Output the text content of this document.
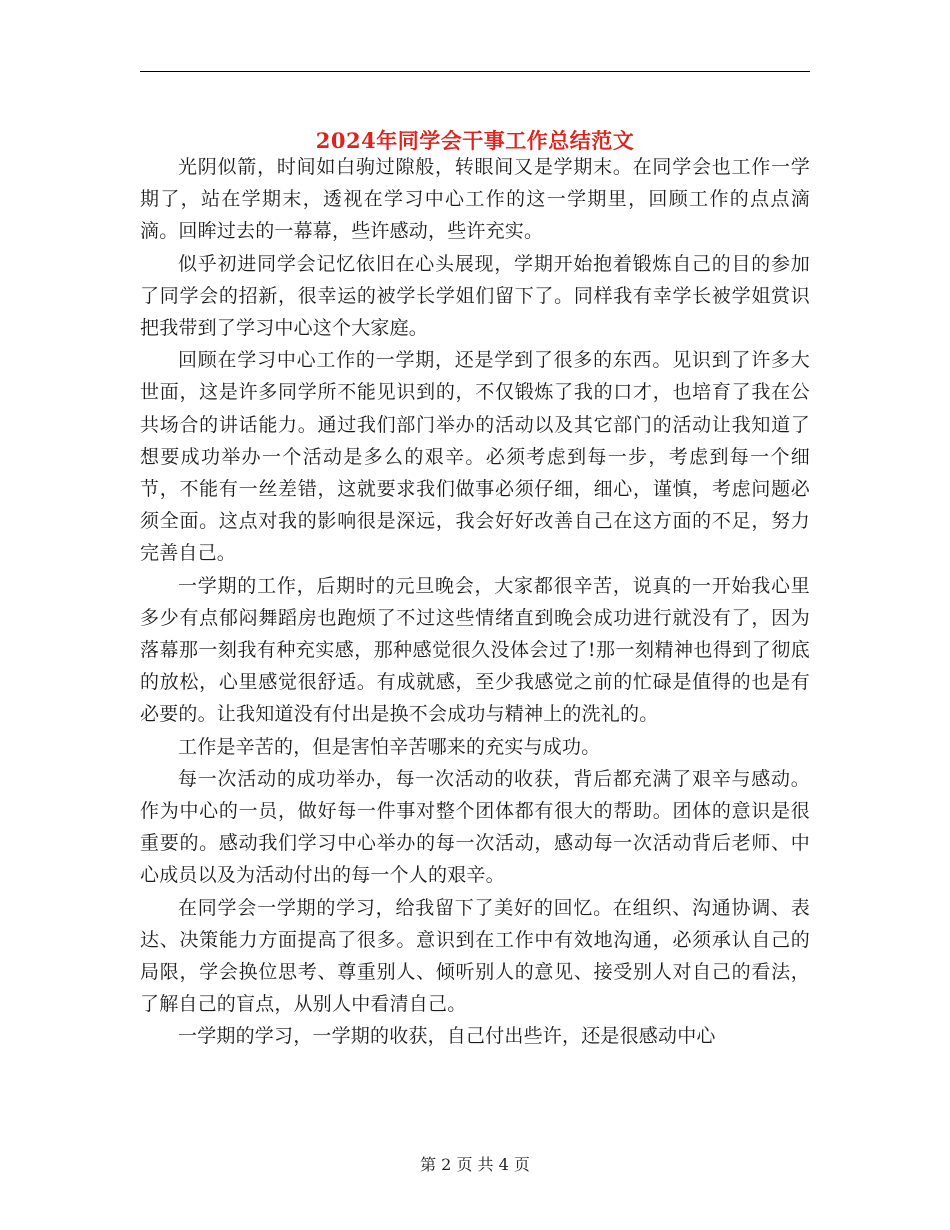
2024年同学会干事工作总结范文

光阴似箭，时间如白驹过隙般，转眼间又是学期末。在同学会也工作一学期了，站在学期末，透视在学习中心工作的这一学期里，回顾工作的点点滴滴。回眸过去的一幕幕，些许感动，些许充实。

似乎初进同学会记忆依旧在心头展现，学期开始抱着锻炼自己的目的参加了同学会的招新，很幸运的被学长学姐们留下了。同样我有幸学长被学姐赏识把我带到了学习中心这个大家庭。

回顾在学习中心工作的一学期，还是学到了很多的东西。见识到了许多大世面，这是许多同学所不能见识到的，不仅锻炼了我的口才，也培育了我在公共场合的讲话能力。通过我们部门举办的活动以及其它部门的活动让我知道了想要成功举办一个活动是多么的艰辛。必须考虑到每一步，考虑到每一个细节，不能有一丝差错，这就要求我们做事必须仔细，细心，谨慎，考虑问题必须全面。这点对我的影响很是深远，我会好好改善自己在这方面的不足，努力完善自己。

一学期的工作，后期时的元旦晚会，大家都很辛苦，说真的一开始我心里多少有点郁闷舞蹈房也跑烦了不过这些情绪直到晚会成功进行就没有了，因为落幕那一刻我有种充实感，那种感觉很久没体会过了!那一刻精神也得到了彻底的放松，心里感觉很舒适。有成就感，至少我感觉之前的忙碌是值得的也是有必要的。让我知道没有付出是换不会成功与精神上的洗礼的。

工作是辛苦的，但是害怕辛苦哪来的充实与成功。

每一次活动的成功举办，每一次活动的收获，背后都充满了艰辛与感动。作为中心的一员，做好每一件事对整个团体都有很大的帮助。团体的意识是很重要的。感动我们学习中心举办的每一次活动，感动每一次活动背后老师、中心成员以及为活动付出的每一个人的艰辛。

在同学会一学期的学习，给我留下了美好的回忆。在组织、沟通协调、表达、决策能力方面提高了很多。意识到在工作中有效地沟通，必须承认自己的局限，学会换位思考、尊重别人、倾听别人的意见、接受别人对自己的看法，了解自己的盲点，从别人中看清自己。

一学期的学习，一学期的收获，自己付出些许，还是很感动中心

第 2 页 共 4 页
